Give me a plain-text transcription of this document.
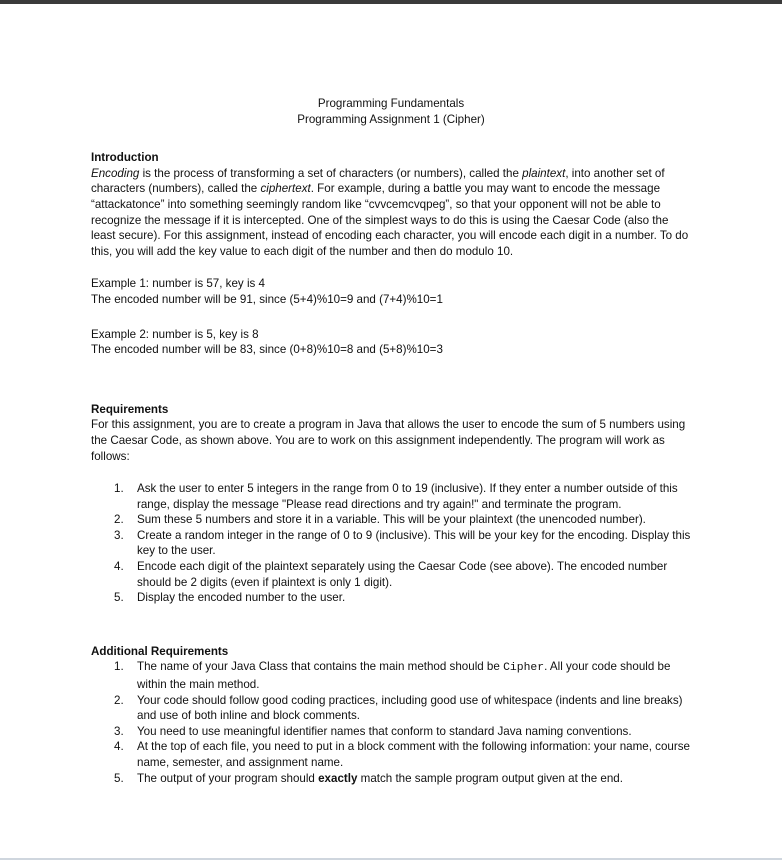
Programming Fundamentals
Programming Assignment 1 (Cipher)
Introduction

Encoding is the process of transforming a set of characters (or numbers), called the plaintext, into another set of characters (numbers), called the ciphertext. For example, during a battle you may want to encode the message “attackatonce” into something seemingly random like “cvvcemcvqpeg”, so that your opponent will not be able to recognize the message if it is intercepted. One of the simplest ways to do this is using the Caesar Code (also the least secure). For this assignment, instead of encoding each character, you will encode each digit in a number. To do this, you will add the key value to each digit of the number and then do modulo 10.

Example 1: number is 57, key is 4
The encoded number will be 91, since (5+4)%10=9 and (7+4)%10=1
Example 2: number is 5, key is 8
The encoded number will be 83, since (0+8)%10=8 and (5+8)%10=3
Requirements

For this assignment, you are to create a program in Java that allows the user to encode the sum of 5 numbers using the Caesar Code, as shown above. You are to work on this assignment independently. The program will work as follows:

1. Ask the user to enter 5 integers in the range from 0 to 19 (inclusive). If they enter a number outside of this range, display the message "Please read directions and try again!" and terminate the program.
2. Sum these 5 numbers and store it in a variable. This will be your plaintext (the unencoded number).
3. Create a random integer in the range of 0 to 9 (inclusive). This will be your key for the encoding. Display this key to the user.
4. Encode each digit of the plaintext separately using the Caesar Code (see above). The encoded number should be 2 digits (even if plaintext is only 1 digit).
5. Display the encoded number to the user.
Additional Requirements
1. The name of your Java Class that contains the main method should be Cipher. All your code should be within the main method.
2. Your code should follow good coding practices, including good use of whitespace (indents and line breaks) and use of both inline and block comments.
3. You need to use meaningful identifier names that conform to standard Java naming conventions.
4. At the top of each file, you need to put in a block comment with the following information: your name, course name, semester, and assignment name.
5. The output of your program should exactly match the sample program output given at the end.
